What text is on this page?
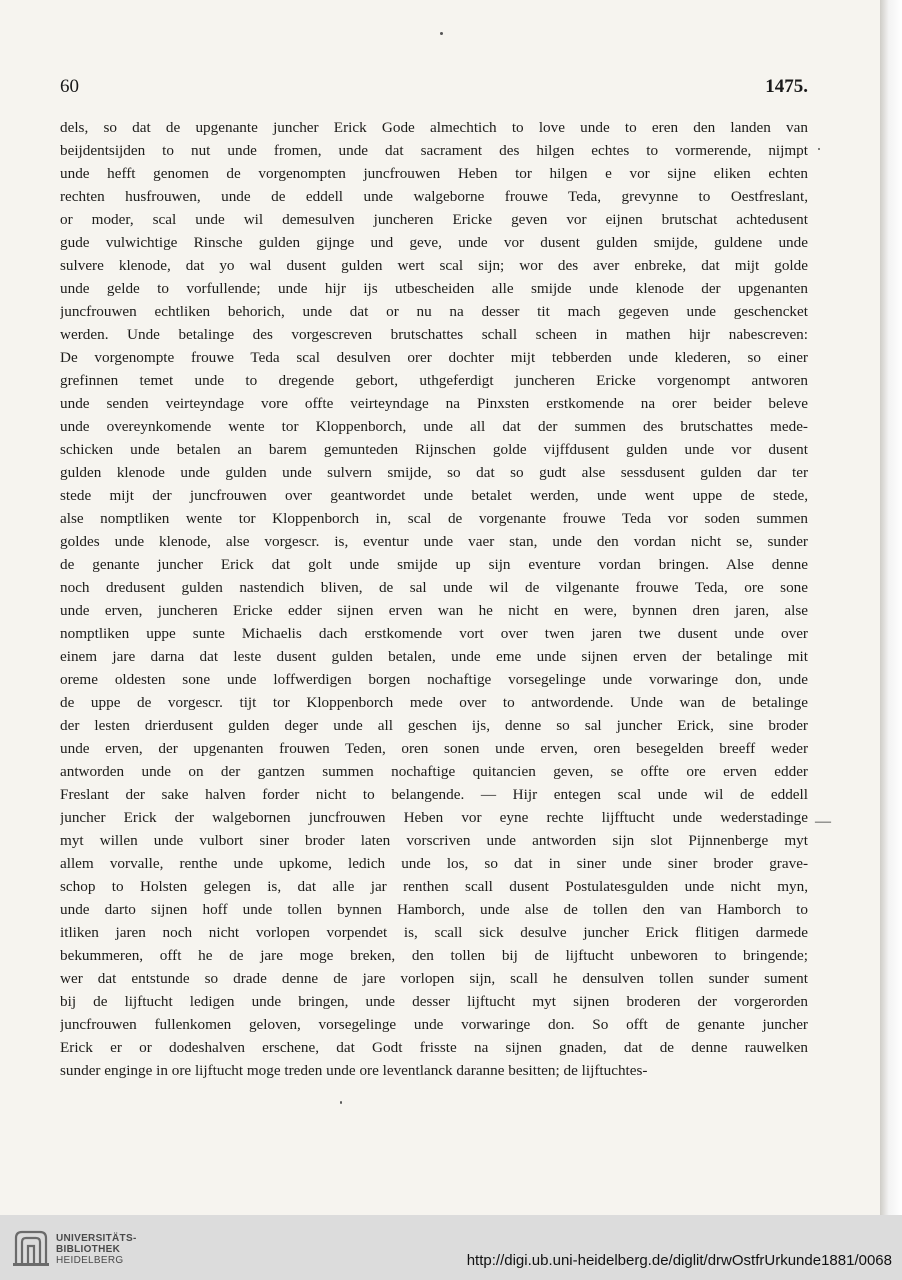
60	1475.
dels, so dat de upgenante juncher Erick Gode almechtich to love unde to eren den landen van
beijdentsijden to nut unde fromen, unde dat sacrament des hilgen echtes to vormerende, nijmpt
unde hefft genomen de vorgenompten juncfrouwen Heben tor hilgen e vor sijne eliken echten
rechten husfrouwen, unde de eddell unde walgeborne frouwe Teda, grevynne to Oestfreslant,
or moder, scal unde wil demesulven juncheren Ericke geven vor eijnen brutschat achtedusent
gude vulwichtige Rinsche gulden gijnge und geve, unde vor dusent gulden smijde, guldene unde
sulvere klenode, dat yo wal dusent gulden wert scal sijn; wor des aver enbreke, dat mijt golde
unde gelde to vorfullende; unde hijr ijs utbescheiden alle smijde unde klenode der upgenanten
juncfrouwen echtliken behorich, unde dat or nu na desser tit mach gegeven unde geschencket
werden. Unde betalinge des vorgescreven brutschattes schall scheen in mathen hijr nabescreven:
De vorgenompte frouwe Teda scal desulven orer dochter mijt tebberden unde klederen, so einer
grefinnen temet unde to dregende gebort, uthgeferdigt juncheren Ericke vorgenompt antworen
unde senden veirteyndage vore offte veirteyndage na Pinxsten erstkomende na orer beider beleve
unde overeynkomende wente tor Kloppenborch, unde all dat der summen des brutschattes mede-
schicken unde betalen an barem gemunteden Rijnschen golde vijffdusent gulden unde vor dusent
gulden klenode unde gulden unde sulvern smijde, so dat so gudt alse sessdusent gulden dar ter
stede mijt der juncfrouwen over geantwordet unde betalet werden, unde went uppe de stede,
alse nomptliken wente tor Kloppenborch in, scal de vorgenante frouwe Teda vor soden summen
goldes unde klenode, alse vorgescr. is, eventur unde vaer stan, unde den vordan nicht se, sunder
de genante juncher Erick dat golt unde smijde up sijn eventure vordan bringen. Alse denne
noch dredusent gulden nastendich bliven, de sal unde wil de vilgenante frouwe Teda, ore sone
unde erven, juncheren Ericke edder sijnen erven wan he nicht en were, bynnen dren jaren, alse
nomptliken uppe sunte Michaelis dach erstkomende vort over twen jaren twe dusent unde over
einem jare darna dat leste dusent gulden betalen, unde eme unde sijnen erven der betalinge mit
oreme oldesten sone unde loffwerdigen borgen nochaftige vorsegelinge unde vorwaringe don, unde
de uppe de vorgescr. tijt tor Kloppenborch mede over to antwordende. Unde wan de betalinge
der lesten drierdusent gulden deger unde all geschen ijs, denne so sal juncher Erick, sine broder
unde erven, der upgenanten frouwen Teden, oren sonen unde erven, oren besegelden breeff weder
antworden unde on der gantzen summen nochaftige quitancien geven, se offte ore erven edder
Freslant der sake halven forder nicht to belangende. — Hijr entegen scal unde wil de eddell
juncher Erick der walgebornen juncfrouwen Heben vor eyne rechte lijfftucht unde wederstadinge
myt willen unde vulbort siner broder laten vorscriven unde antworden sijn slot Pijnnenberge myt
allem vorvalle, renthe unde upkome, ledich unde los, so dat in siner unde siner broder grave-
schop to Holsten gelegen is, dat alle jar renthen scall dusent Postulatesgulden unde nicht myn,
unde darto sijnen hoff unde tollen bynnen Hamborch, unde alse de tollen den van Hamborch to
itliken jaren noch nicht vorlopen vorpendet is, scall sick desulve juncher Erick flitigen darmede
bekummeren, offt he de jare moge breken, den tollen bij de lijftucht unbeworen to bringende;
wer dat entstunde so drade denne de jare vorlopen sijn, scall he densulven tollen sunder sument
bij de lijftucht ledigen unde bringen, unde desser lijftucht myt sijnen broderen der vorgerorden
juncfrouwen fullenkomen geloven, vorsegelinge unde vorwaringe don. So offt de genante juncher
Erick er or dodeshalven erschene, dat Godt frisste na sijnen gnaden, dat de denne rauwelken
sunder enginge in ore lijftucht moge treden unde ore leventlanck daranne besitten; de lijftuchtes-
—
UNIVERSITÄTS-
BIBLIOTHEK
HEIDELBERG	http://digi.ub.uni-heidelberg.de/diglit/drwOstfrUrkunde1881/0068
